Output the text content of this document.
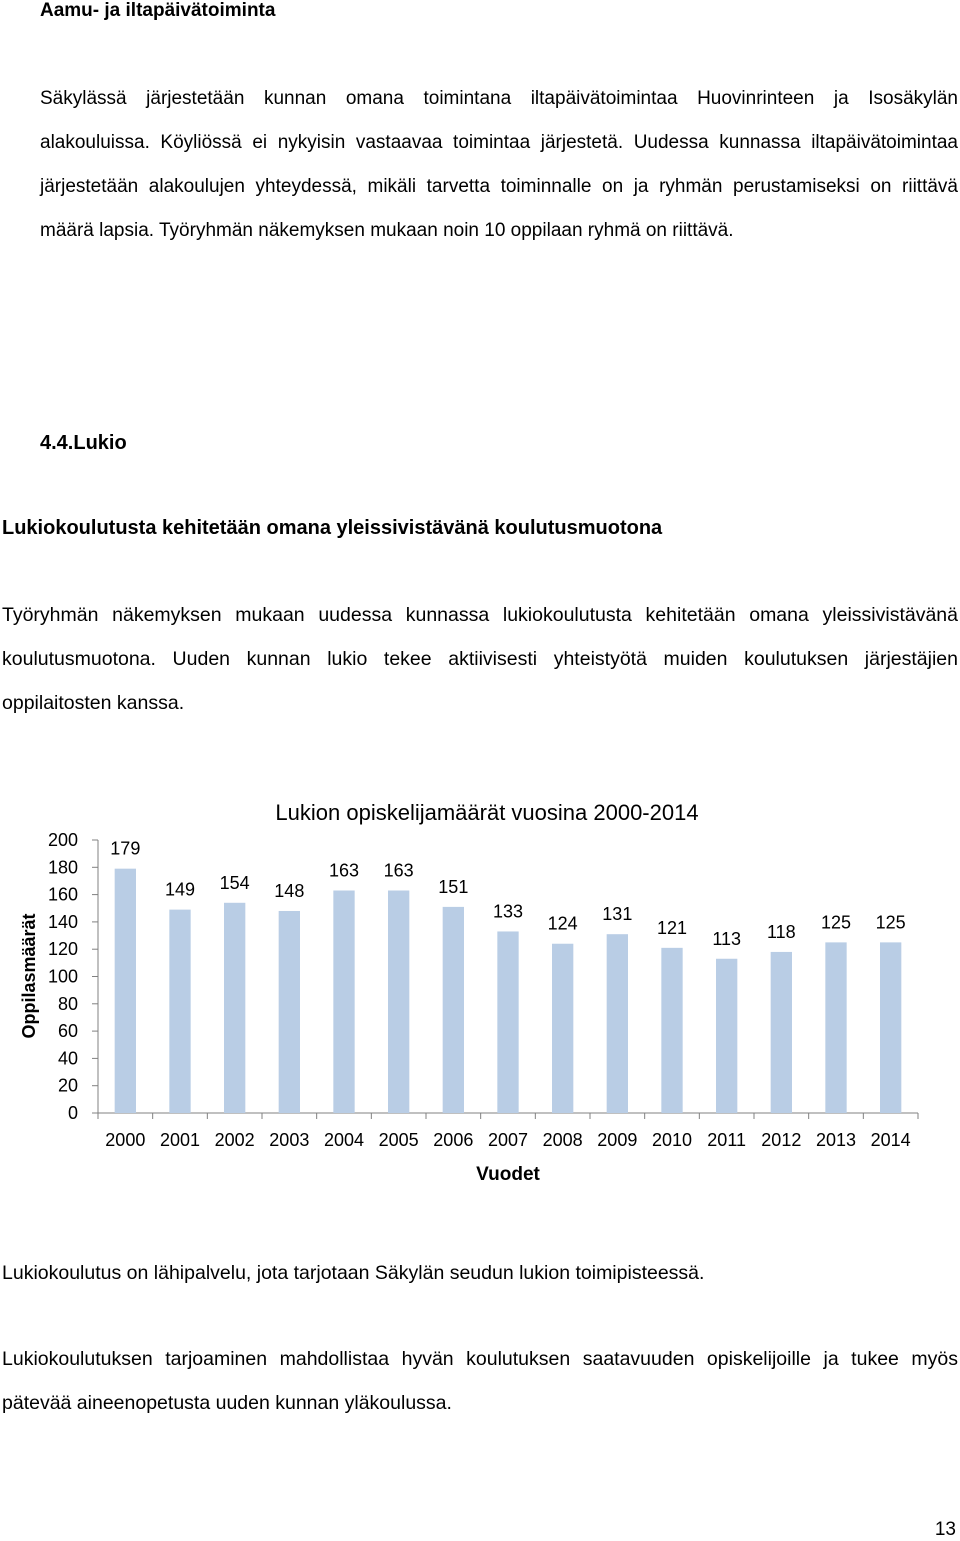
Aamu- ja iltapäivätoiminta
Säkylässä järjestetään kunnan omana toimintana iltapäivätoimintaa Huovinrinteen ja Isosäkylän alakouluissa. Köyliössä ei nykyisin vastaavaa toimintaa järjestetä. Uudessa kunnassa iltapäivätoimintaa järjestetään alakoulujen yhteydessä, mikäli tarvetta toiminnalle on ja ryhmän perustamiseksi on riittävä määrä lapsia. Työryhmän näkemyksen mukaan noin 10 oppilaan ryhmä on riittävä.
4.4.Lukio
Lukiokoulutusta kehitetään omana yleissivistävänä koulutusmuotona
Työryhmän näkemyksen mukaan uudessa kunnassa lukiokoulutusta kehitetään omana yleissivistävänä koulutusmuotona. Uuden kunnan lukio tekee aktiivisesti yhteistyötä muiden koulutuksen järjestäjien oppilaitosten kanssa.
Lukion opiskelijamäärät vuosina 2000-2014
Oppilasmäärät
Vuodet
0
20
40
60
80
100
120
140
160
180
200 179
2000
149
2001
154
2002
148
2003
163
2004
163
2005
151
2006
133
2007
124
2008
131
2009
121
2010
113
2011
118
2012
125
2013
125
2014
Lukiokoulutus on lähipalvelu, jota tarjotaan Säkylän seudun lukion toimipisteessä.
Lukiokoulutuksen tarjoaminen mahdollistaa hyvän koulutuksen saatavuuden opiskelijoille ja tukee myös pätevää aineenopetusta uuden kunnan yläkoulussa.
13
